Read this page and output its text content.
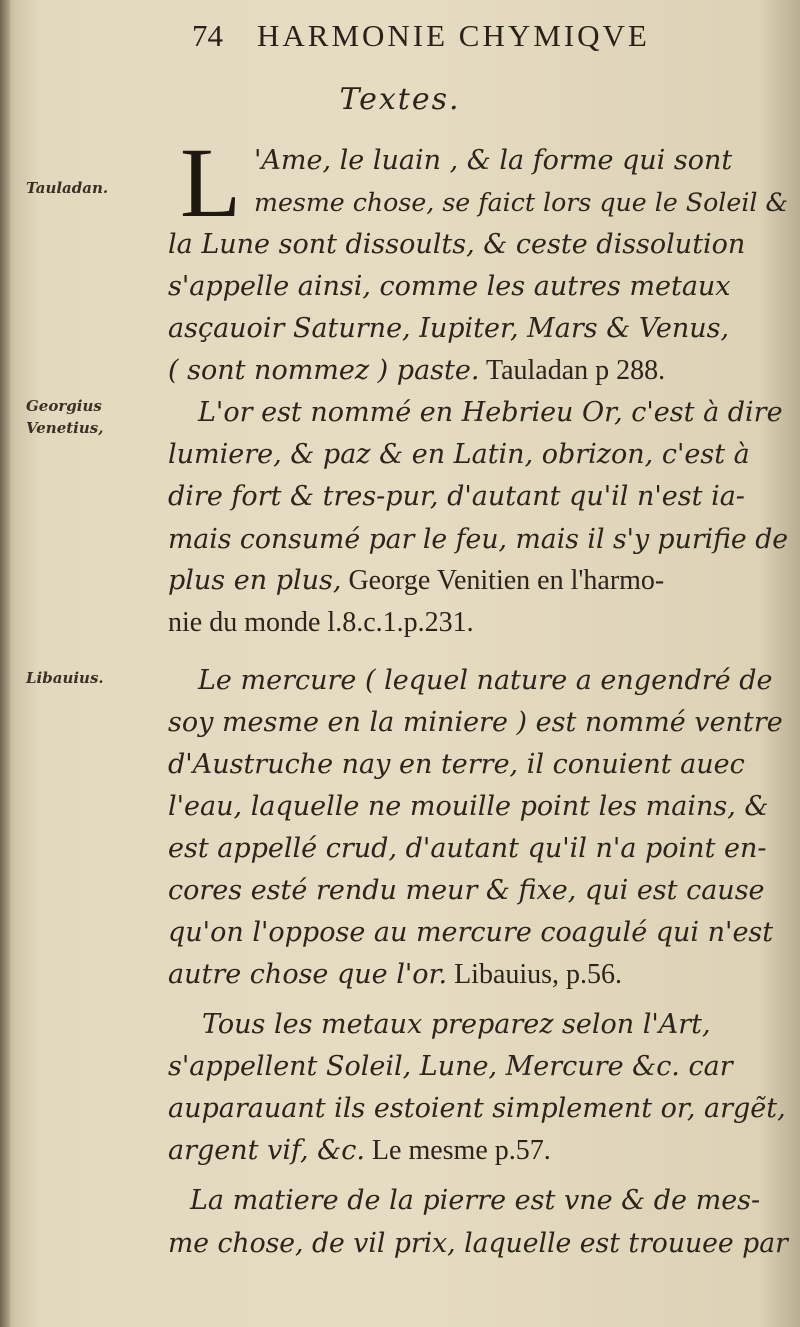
74 HARMONIE CHYMIQVE
Textes.
Tauladan.
Georgius
Venetius,
Libauius.
L 'Ame, le luain , & la forme qui sont
mesme chose, se faict lors que le Soleil &
la Lune sont dissoults, & ceste dissolution
s'appelle ainsi, comme les autres metaux
asçauoir Saturne, Iupiter, Mars & Venus,
( sont nommez ) paste. Tauladan p 288.
L'or est nommé en Hebrieu Or, c'est à dire
lumiere, & paz & en Latin, obrizon, c'est à
dire fort & tres-pur, d'autant qu'il n'est ia-
mais consumé par le feu, mais il s'y purifie de
plus en plus, George Venitien en l'harmo-
nie du monde l.8.c.1.p.231.
Le mercure ( lequel nature a engendré de
soy mesme en la miniere ) est nommé ventre
d'Austruche nay en terre, il conuient auec
l'eau, laquelle ne mouille point les mains, &
est appellé crud, d'autant qu'il n'a point en-
cores esté rendu meur & fixe, qui est cause
qu'on l'oppose au mercure coagulé qui n'est
autre chose que l'or. Libauius, p.56.
Tous les metaux preparez selon l'Art,
s'appellent Soleil, Lune, Mercure &c. car
auparauant ils estoient simplement or, argẽt,
argent vif, &c. Le mesme p.57.
La matiere de la pierre est vne & de mes-
me chose, de vil prix, laquelle est trouuee par
